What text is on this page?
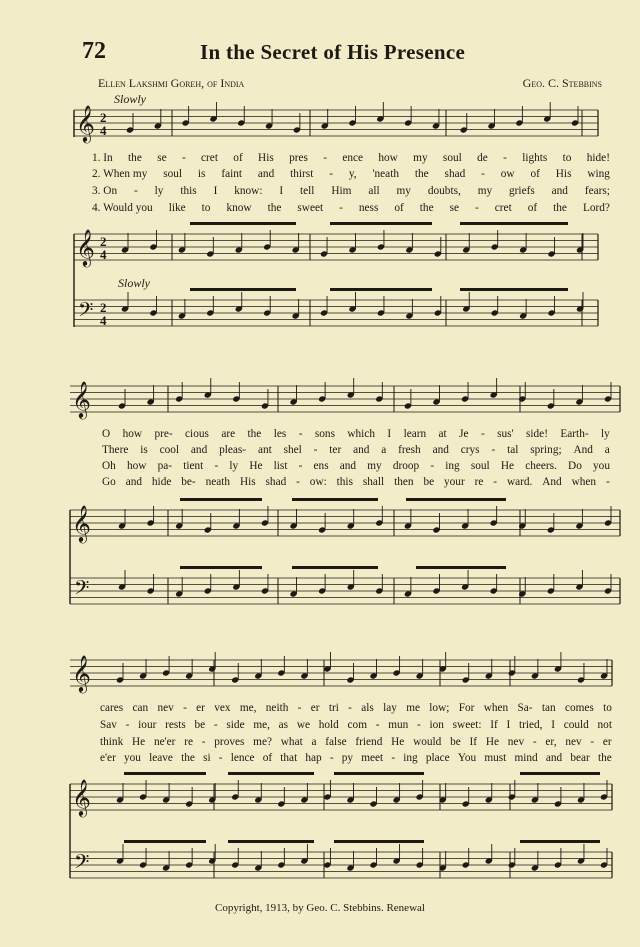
72	In the Secret of His Presence
Ellen Lakshmi Goreh, of India	Geo. C. Stebbins
Slowly
Slowly
𝄞
𝄞
𝄢
𝄞
𝄞
𝄢
𝄞
𝄞
𝄢
2
4
2
4
2
4
1. In the se - cret of His pres - ence how my soul de - lights to hide!
2. When my soul is faint and thirst - y, 'neath the shad - ow of His wing
3. On - ly this I know: I tell Him all my doubts, my griefs and fears;
4. Would you like to know the sweet - ness of the se - cret of the Lord?
O how pre- cious are the les - sons which I learn at Je - sus' side! Earth- ly
There is cool and pleas- ant shel - ter and a fresh and crys - tal spring; And a
Oh how pa- tient - ly He list - ens and my droop - ing soul He cheers. Do you
Go and hide be- neath His shad - ow: this shall then be your re - ward. And when -
cares can nev - er vex me, neith - er tri - als lay me low; For when Sa- tan comes to
Sav - iour rests be - side me, as we hold com - mun - ion sweet: If I tried, I could not
think He ne'er re - proves me? what a false friend He would be If He nev - er, nev - er
e'er you leave the si - lence of that hap - py meet - ing place You must mind and bear the
Copyright, 1913, by Geo. C. Stebbins. Renewal
